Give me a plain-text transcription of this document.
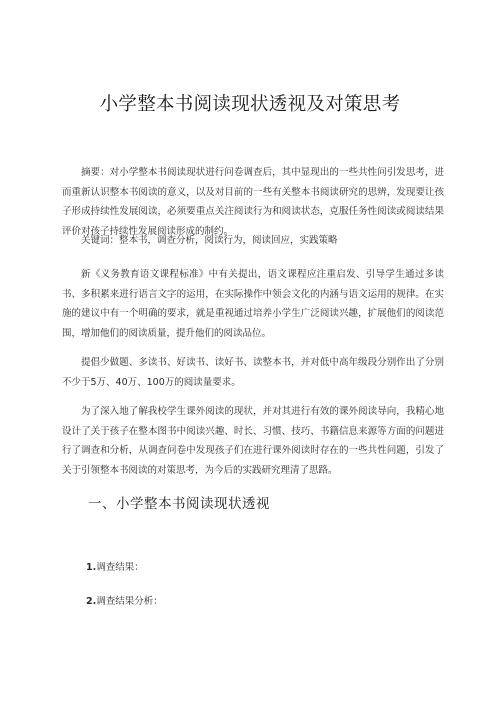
小学整本书阅读现状透视及对策思考
摘要：对小学整本书阅读现状进行问卷调查后，其中显现出的一些共性问引发思考，进而重新认识整本书阅读的意义，以及对目前的一些有关整本书阅读研究的思辨，发现要让孩子形成持续性发展阅读，必须要重点关注阅读行为和阅读状态，克服任务性阅读或阅读结果评价对孩子持续性发展阅读形成的制约。
关键词：整本书，调查分析，阅读行为，阅读回应，实践策略
新《义务教育语文课程标准》中有关提出，语文课程应注重启发、引导学生通过多读书、多积累来进行语言文字的运用，在实际操作中领会文化的内涵与语文运用的规律。在实施的建议中有一个明确的要求，就是重视通过培养小学生广泛阅读兴趣，扩展他们的阅读范围，增加他们的阅读质量，提升他们的阅读品位。
提倡少做题、多读书、好读书、读好书、读整本书，并对低中高年级段分别作出了分别不少于5万、40万、100万的阅读量要求。
为了深入地了解我校学生课外阅读的现状，并对其进行有效的课外阅读导向，我精心地设计了关于孩子在整本图书中阅读兴趣、时长、习惯、技巧、书籍信息来源等方面的问题进行了调查和分析，从调查问卷中发现孩子们在进行课外阅读时存在的一些共性问题，引发了关于引领整本书阅读的对策思考，为今后的实践研究理清了思路。
一、小学整本书阅读现状透视
1.调查结果：
2.调查结果分析：
